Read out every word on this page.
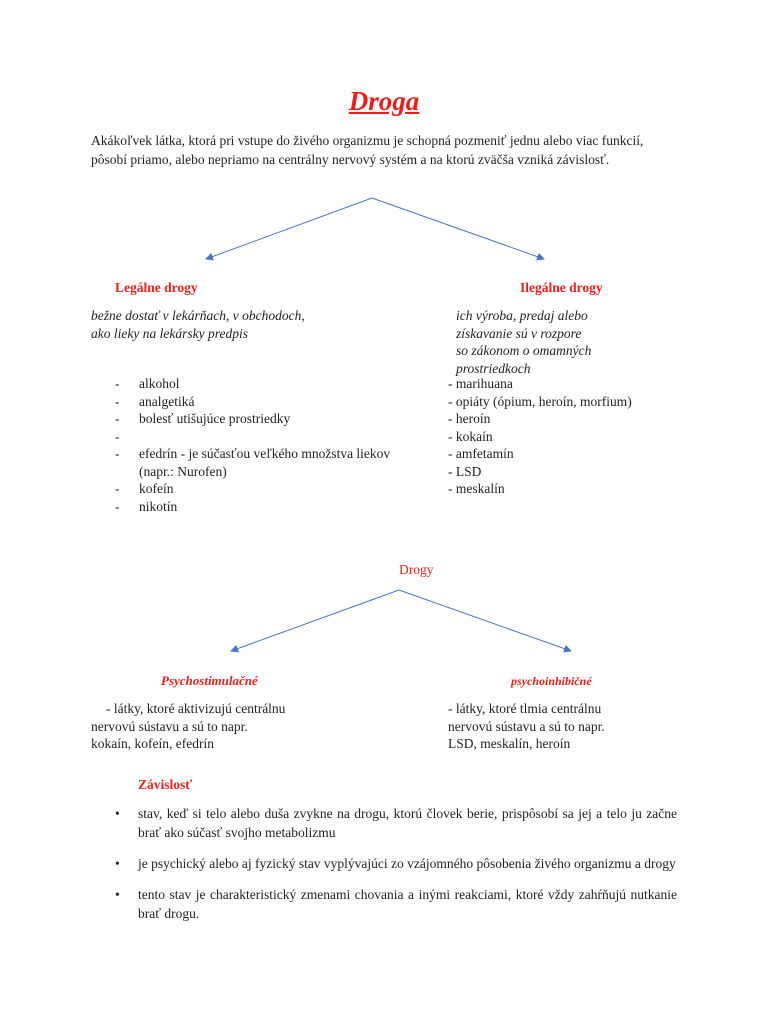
Droga
Akákoľvek látka, ktorá pri vstupe do živého organizmu je schopná pozmeniť jednu alebo viac funkcií, pôsobí priamo, alebo nepriamo na centrálny nervový systém a na ktorú zväčša vzniká závislosť.
Legálne drogy
bežne dostať v lekárňach, v obchodoch,
ako lieky na lekársky predpis
- alkohol
- analgetiká
- bolesť utišujúce prostriedky
-
- efedrín - je súčasťou veľkého množstva liekov
(napr.: Nurofen)
- kofeín
- nikotín
Ilegálne drogy
ich výroba, predaj alebo
získavanie sú v rozpore
so zákonom o omamných
prostriedkoch
- marihuana
- opiáty (ópium, heroín, morfium)
- heroín
- kokaín
- amfetamín
- LSD
- meskalín
Drogy
Psychostimulačné
- látky, ktoré aktivizujú centrálnu
nervovú sústavu a sú to napr.
kokaín, kofeín, efedrín
psychoinhibičné
- látky, ktoré tlmia centrálnu
nervovú sústavu a sú to napr.
LSD, meskalín, heroín
Závislosť
• stav, keď si telo alebo duša zvykne na drogu, ktorú človek berie, prispôsobí sa jej a telo ju začne brať ako súčasť svojho metabolizmu
• je psychický alebo aj fyzický stav vyplývajúci zo vzájomného pôsobenia živého organizmu a drogy
• tento stav je charakteristický zmenami chovania a inými reakciami, ktoré vždy zahŕňujú nutkanie brať drogu.
